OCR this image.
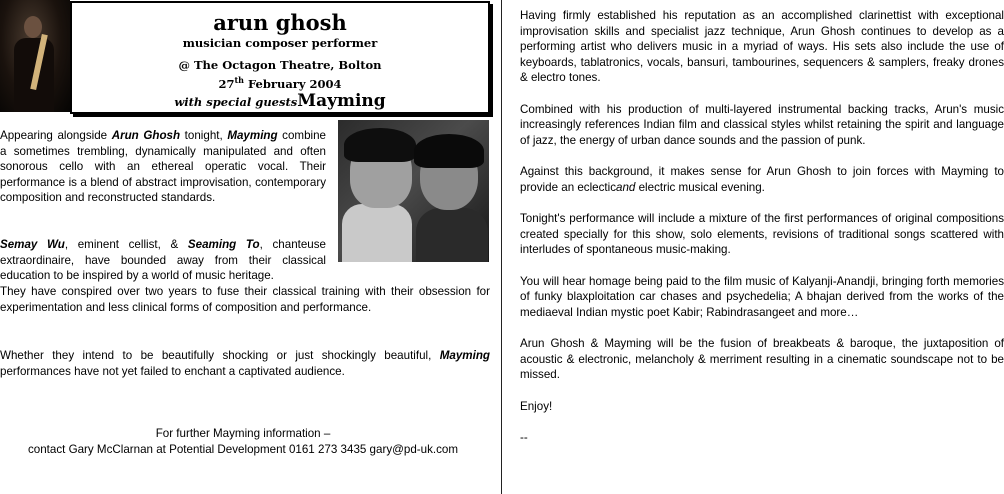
arun ghosh
musician composer performer
@ The Octagon Theatre, Bolton
27th February 2004
with special guestsMayming
Appearing alongside Arun Ghosh tonight, Mayming combine a sometimes trembling, dynamically manipulated and often sonorous cello with an ethereal operatic vocal. Their performance is a blend of abstract improvisation, contemporary composition and reconstructed standards.
Semay Wu, eminent cellist, & Seaming To, chanteuse extraordinaire, have bounded away from their classical education to be inspired by a world of music heritage.
They have conspired over two years to fuse their classical training with their obsession for experimentation and less clinical forms of composition and performance.
Whether they intend to be beautifully shocking or just shockingly beautiful, Mayming performances have not yet failed to enchant a captivated audience.
For further Mayming information –
contact Gary McClarnan at Potential Development 0161 273 3435 gary@pd-uk.com

Having firmly established his reputation as an accomplished clarinettist with exceptional improvisation skills and specialist jazz technique, Arun Ghosh continues to develop as a performing artist who delivers music in a myriad of ways. His sets also include the use of keyboards, tablatronics, vocals, bansuri, tambourines, sequencers & samplers, freaky drones & electro tones.

Combined with his production of multi-layered instrumental backing tracks, Arun's music increasingly references Indian film and classical styles whilst retaining the spirit and language of jazz, the energy of urban dance sounds and the passion of punk.

Against this background, it makes sense for Arun Ghosh to join forces with Mayming to provide an eclecticand electric musical evening.

Tonight's performance will include a mixture of the first performances of original compositions created specially for this show, solo elements, revisions of traditional songs scattered with interludes of spontaneous music-making.

You will hear homage being paid to the film music of Kalyanji-Anandji, bringing forth memories of funky blaxploitation car chases and psychedelia; A bhajan derived from the works of the mediaeval Indian mystic poet Kabir; Rabindrasangeet and more…

Arun Ghosh & Mayming will be the fusion of breakbeats & baroque, the juxtaposition of acoustic & electronic, melancholy & merriment resulting in a cinematic soundscape not to be missed.

Enjoy!

--
